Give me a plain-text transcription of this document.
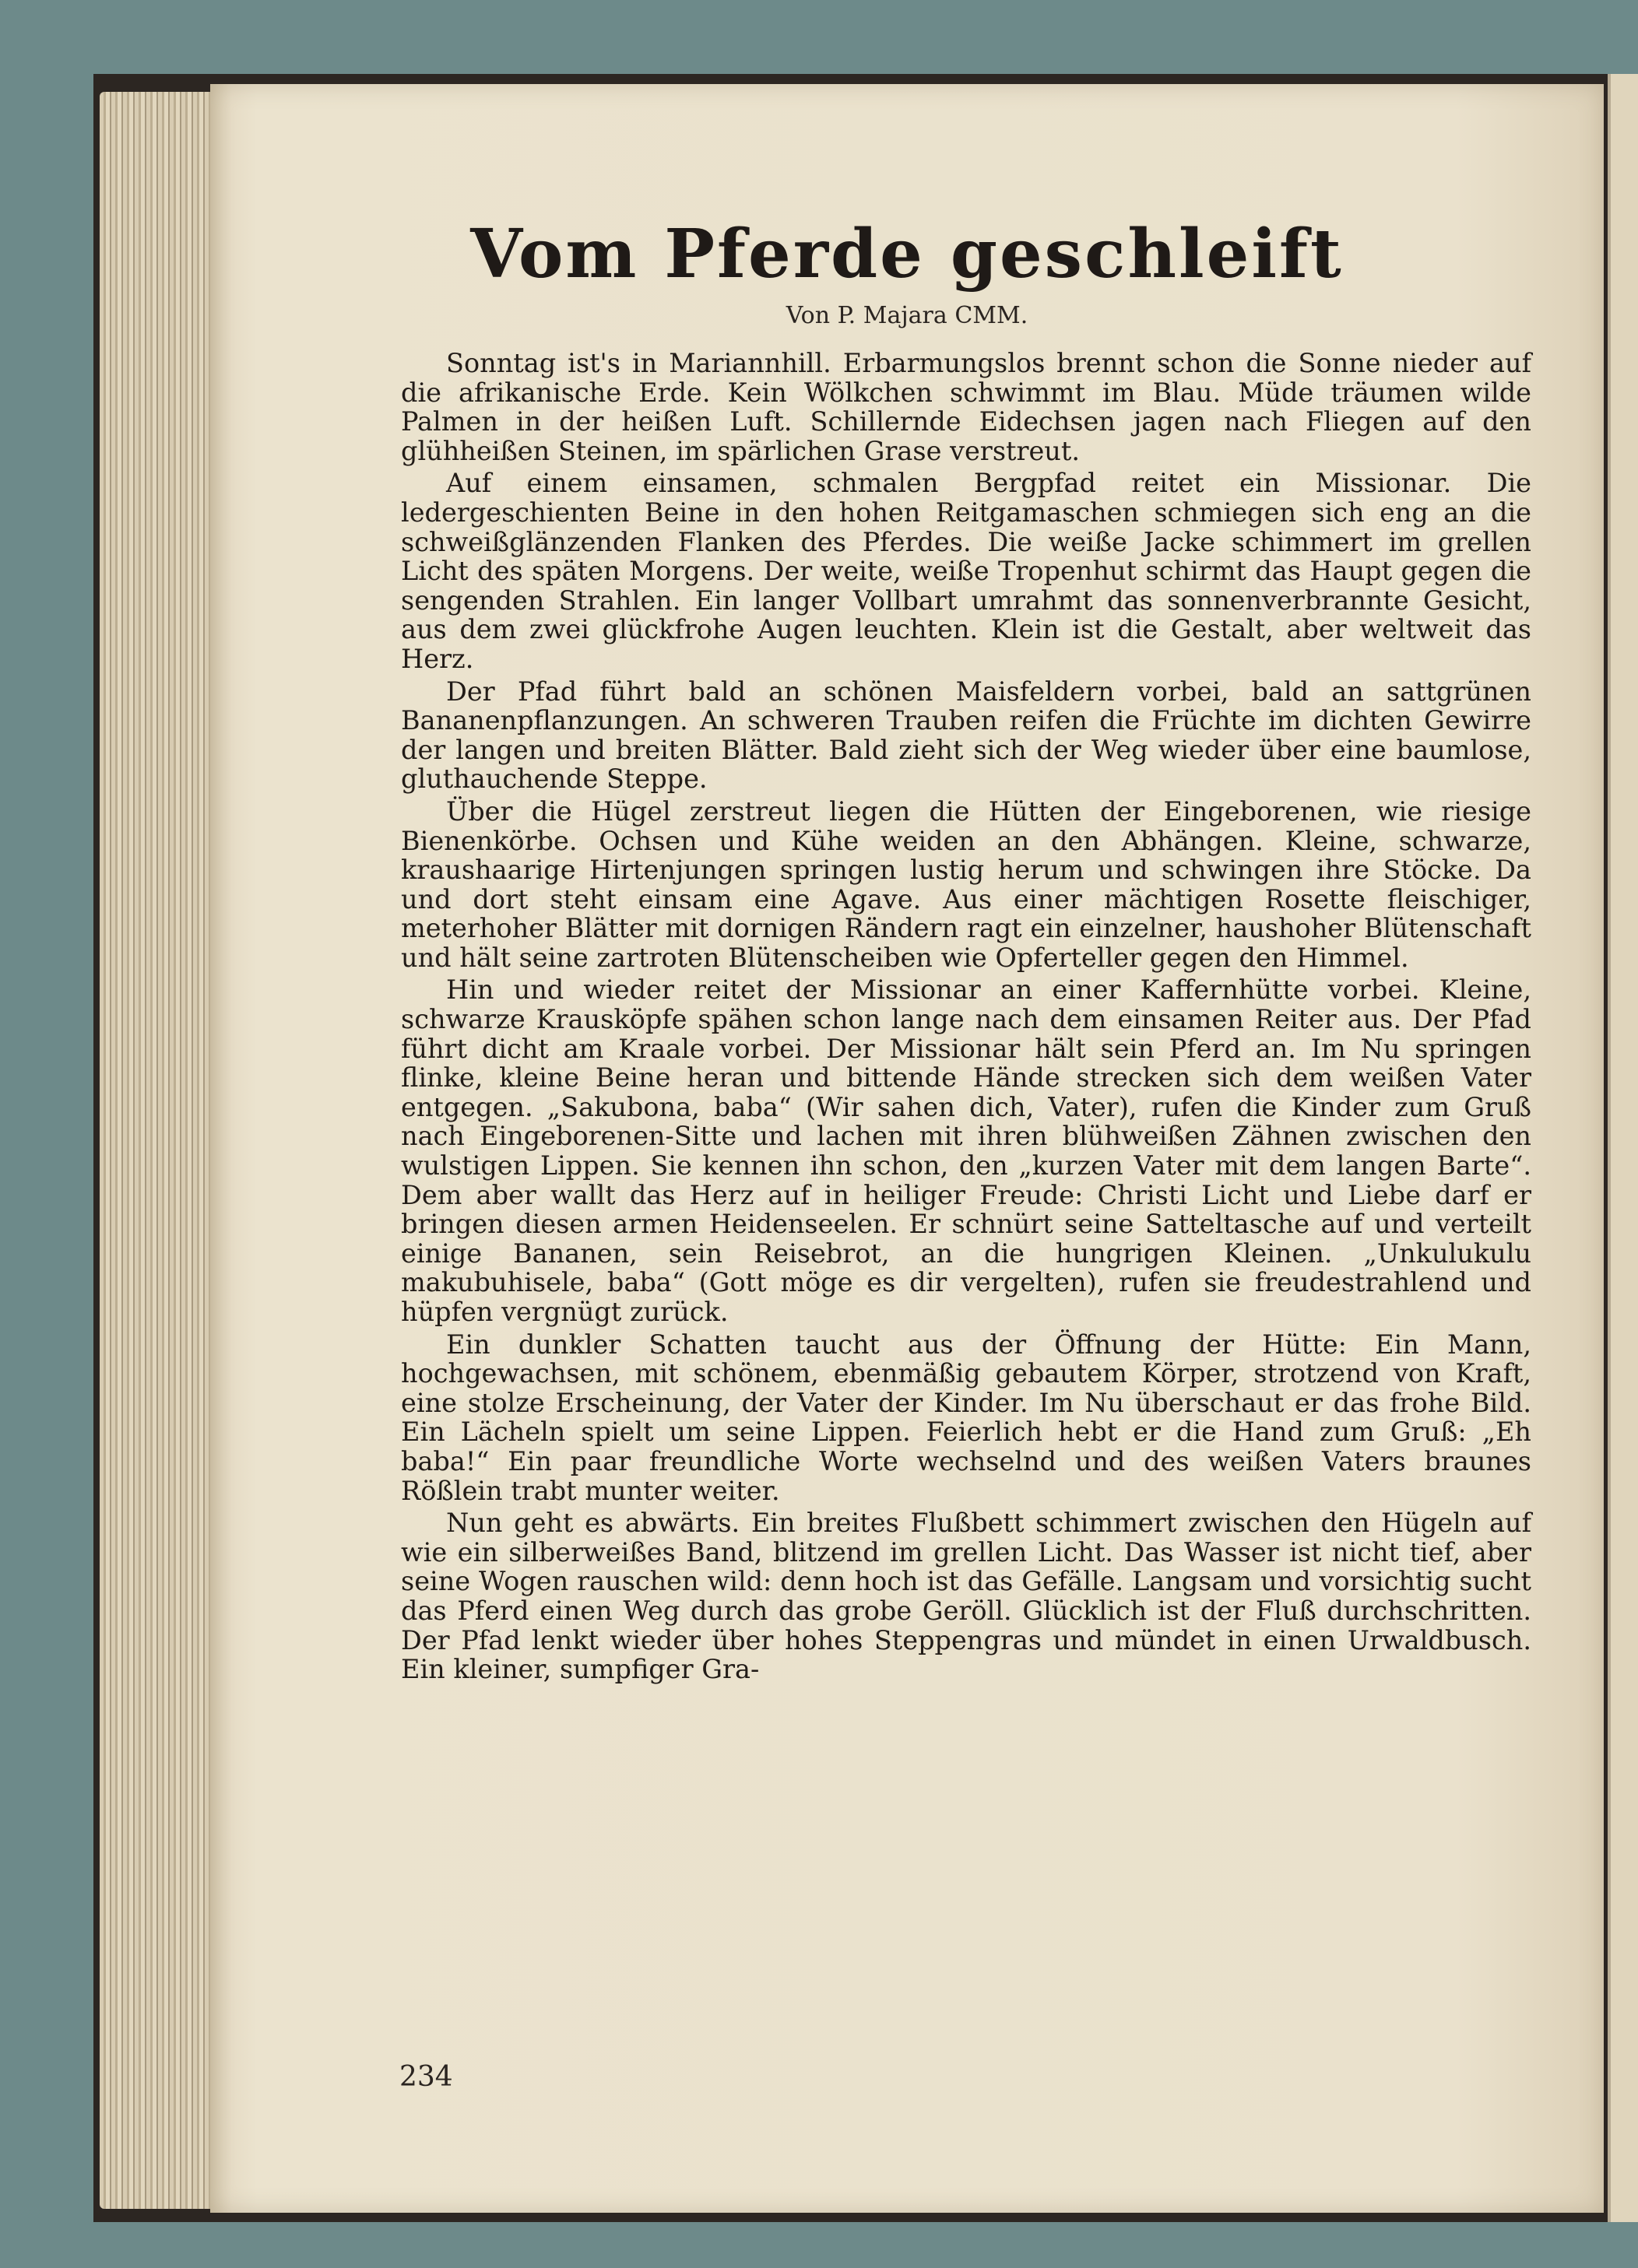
Vom Pferde geschleift
Von P. Majara CMM.

Sonntag ist's in Mariannhill. Erbarmungslos brennt schon die Sonne nieder auf die afrikanische Erde. Kein Wölkchen schwimmt im Blau. Müde träumen wilde Palmen in der heißen Luft. Schillernde Eidechsen jagen nach Fliegen auf den glühheißen Steinen, im spärlichen Grase verstreut.

Auf einem einsamen, schmalen Bergpfad reitet ein Missionar. Die ledergeschienten Beine in den hohen Reitgamaschen schmiegen sich eng an die schweißglänzenden Flanken des Pferdes. Die weiße Jacke schimmert im grellen Licht des späten Morgens. Der weite, weiße Tropenhut schirmt das Haupt gegen die sengenden Strahlen. Ein langer Vollbart umrahmt das sonnenverbrannte Gesicht, aus dem zwei glückfrohe Augen leuchten. Klein ist die Gestalt, aber weltweit das Herz.

Der Pfad führt bald an schönen Maisfeldern vorbei, bald an sattgrünen Bananenpflanzungen. An schweren Trauben reifen die Früchte im dichten Gewirre der langen und breiten Blätter. Bald zieht sich der Weg wieder über eine baumlose, gluthauchende Steppe.

Über die Hügel zerstreut liegen die Hütten der Eingeborenen, wie riesige Bienenkörbe. Ochsen und Kühe weiden an den Abhängen. Kleine, schwarze, kraushaarige Hirtenjungen springen lustig herum und schwingen ihre Stöcke. Da und dort steht einsam eine Agave. Aus einer mächtigen Rosette fleischiger, meterhoher Blätter mit dornigen Rändern ragt ein einzelner, haushoher Blütenschaft und hält seine zartroten Blütenscheiben wie Opferteller gegen den Himmel.

Hin und wieder reitet der Missionar an einer Kaffernhütte vorbei. Kleine, schwarze Krausköpfe spähen schon lange nach dem einsamen Reiter aus. Der Pfad führt dicht am Kraale vorbei. Der Missionar hält sein Pferd an. Im Nu springen flinke, kleine Beine heran und bittende Hände strecken sich dem weißen Vater entgegen. „Sakubona, baba“ (Wir sahen dich, Vater), rufen die Kinder zum Gruß nach Eingeborenen-Sitte und lachen mit ihren blühweißen Zähnen zwischen den wulstigen Lippen. Sie kennen ihn schon, den „kurzen Vater mit dem langen Barte“. Dem aber wallt das Herz auf in heiliger Freude: Christi Licht und Liebe darf er bringen diesen armen Heidenseelen. Er schnürt seine Satteltasche auf und verteilt einige Bananen, sein Reisebrot, an die hungrigen Kleinen. „Unkulukulu makubuhisele, baba“ (Gott möge es dir vergelten), rufen sie freudestrahlend und hüpfen vergnügt zurück.

Ein dunkler Schatten taucht aus der Öffnung der Hütte: Ein Mann, hochgewachsen, mit schönem, ebenmäßig gebautem Körper, strotzend von Kraft, eine stolze Erscheinung, der Vater der Kinder. Im Nu überschaut er das frohe Bild. Ein Lächeln spielt um seine Lippen. Feierlich hebt er die Hand zum Gruß: „Eh baba!“ Ein paar freundliche Worte wechselnd und des weißen Vaters braunes Rößlein trabt munter weiter.

Nun geht es abwärts. Ein breites Flußbett schimmert zwischen den Hügeln auf wie ein silberweißes Band, blitzend im grellen Licht. Das Wasser ist nicht tief, aber seine Wogen rauschen wild: denn hoch ist das Gefälle. Langsam und vorsichtig sucht das Pferd einen Weg durch das grobe Geröll. Glücklich ist der Fluß durchschritten. Der Pfad lenkt wieder über hohes Steppengras und mündet in einen Urwaldbusch. Ein kleiner, sumpfiger Gra-

234
